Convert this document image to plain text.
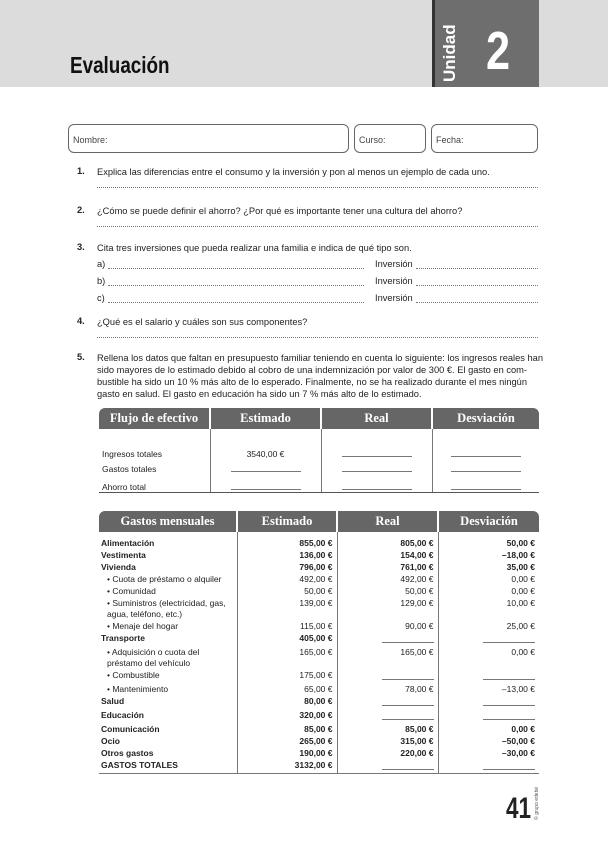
Evaluación	Unidad 2
Nombre:	Curso:	Fecha:
1. Explica las diferencias entre el consumo y la inversión y pon al menos un ejemplo de cada uno.
2. ¿Cómo se puede definir el ahorro? ¿Por qué es importante tener una cultura del ahorro?
3. Cita tres inversiones que pueda realizar una familia e indica de qué tipo son.
a)	Inversión
b)	Inversión
c)	Inversión
4. ¿Qué es el salario y cuáles son sus componentes?
5. Rellena los datos que faltan en presupuesto familiar teniendo en cuenta lo siguiente: los ingresos reales han
sido mayores de lo estimado debido al cobro de una indemnización por valor de 300 €. El gasto en com-
bustible ha sido un 10 % más alto de lo esperado. Finalmente, no se ha realizado durante el mes ningún
gasto en salud. El gasto en educación ha sido un 7 % más alto de lo estimado.
Flujo de efectivo	Estimado	Real	Desviación

Ingresos totales	3540,00 €		
Gastos totales			
Ahorro total			
Gastos mensuales	Estimado	Real	Desviación
Alimentación	855,00 €	805,00 €	50,00 €
Vestimenta	136,00 €	154,00 €	–18,00 €
Vivienda	796,00 €	761,00 €	35,00 €
• Cuota de préstamo o alquiler	492,00 €	492,00 €	0,00 €
• Comunidad	50,00 €	50,00 €	0,00 €
• Suministros (electricidad, gas, agua, teléfono, etc.)	139,00 €	129,00 €	10,00 €
• Menaje del hogar	115,00 €	90,00 €	25,00 €
Transporte	405,00 €		
• Adquisición o cuota del préstamo del vehículo	165,00 €	165,00 €	0,00 €
• Combustible	175,00 €		
• Mantenimiento	65,00 €	78,00 €	–13,00 €
Salud	80,00 €		
Educación	320,00 €		
Comunicación	85,00 €	85,00 €	0,00 €
Ocio	265,00 €	315,00 €	–50,00 €
Otros gastos	190,00 €	220,00 €	–30,00 €
GASTOS TOTALES	3132,00 €		
41 © grupo edebé
